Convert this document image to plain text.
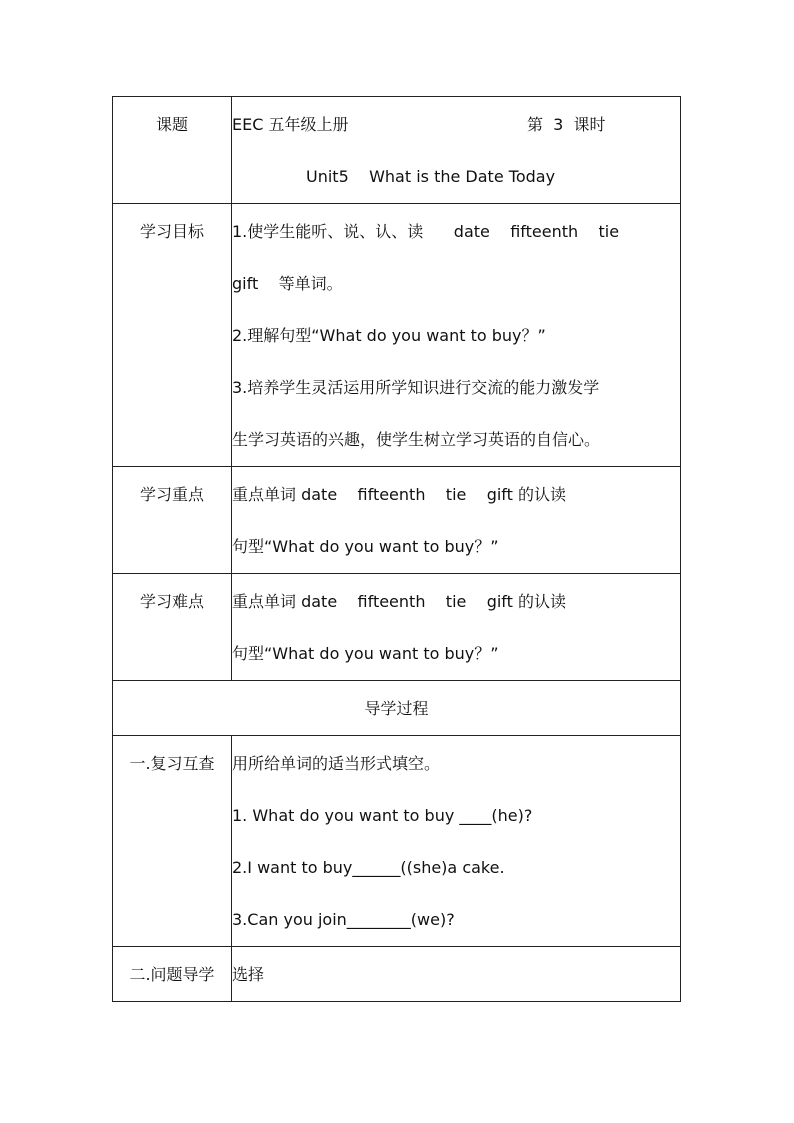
课题	EEC 五年级上册 第  3  课时
Unit5    What is the Date Today

学习目标	1.使学生能听、说、认、读      date    fifteenth    tie
gift    等单词。
2.理解句型“What do you want to buy？”
3.培养学生灵活运用所学知识进行交流的能力激发学
生学习英语的兴趣，使学生树立学习英语的自信心。

学习重点	重点单词 date    fifteenth    tie    gift 的认读
句型“What do you want to buy？”

学习难点	重点单词 date    fifteenth    tie    gift 的认读
句型“What do you want to buy？”

导学过程	

一.复习互查	用所给单词的适当形式填空。
1. What do you want to buy ____(he)?
2.I want to buy______((she)a cake.
3.Can you join________(we)?

二.问题导学	选择
